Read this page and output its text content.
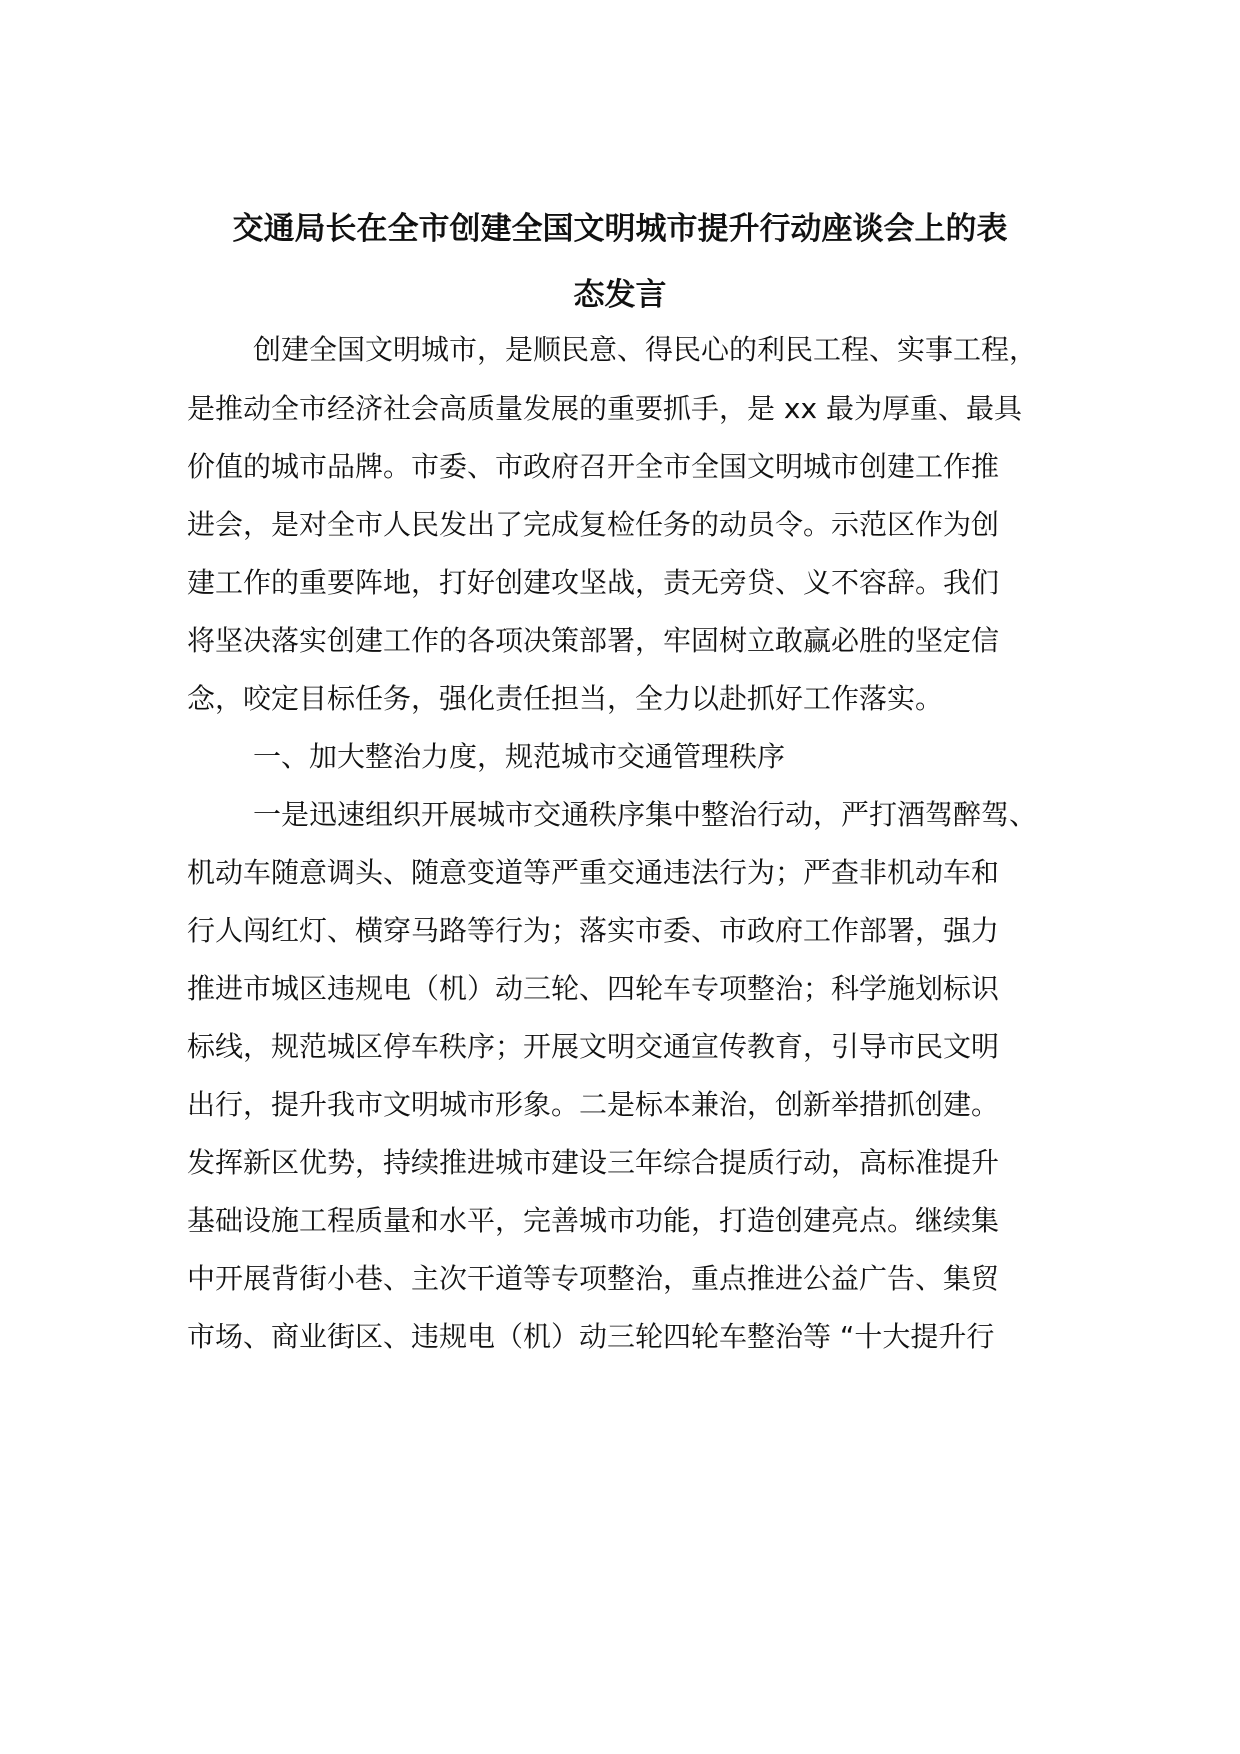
交通局长在全市创建全国文明城市提升行动座谈会上的表
态发言
创建全国文明城市，是顺民意、得民心的利民工程、实事工程，
是推动全市经济社会高质量发展的重要抓手，是 xx 最为厚重、最具
价值的城市品牌。市委、市政府召开全市全国文明城市创建工作推
进会，是对全市人民发出了完成复检任务的动员令。示范区作为创
建工作的重要阵地，打好创建攻坚战，责无旁贷、义不容辞。我们
将坚决落实创建工作的各项决策部署，牢固树立敢赢必胜的坚定信
念，咬定目标任务，强化责任担当，全力以赴抓好工作落实。
一、加大整治力度，规范城市交通管理秩序
一是迅速组织开展城市交通秩序集中整治行动，严打酒驾醉驾、
机动车随意调头、随意变道等严重交通违法行为；严查非机动车和
行人闯红灯、横穿马路等行为；落实市委、市政府工作部署，强力
推进市城区违规电（机）动三轮、四轮车专项整治；科学施划标识
标线，规范城区停车秩序；开展文明交通宣传教育，引导市民文明
出行，提升我市文明城市形象。二是标本兼治，创新举措抓创建。
发挥新区优势，持续推进城市建设三年综合提质行动，高标准提升
基础设施工程质量和水平，完善城市功能，打造创建亮点。继续集
中开展背街小巷、主次干道等专项整治，重点推进公益广告、集贸
市场、商业街区、违规电（机）动三轮四轮车整治等 “十大提升行
